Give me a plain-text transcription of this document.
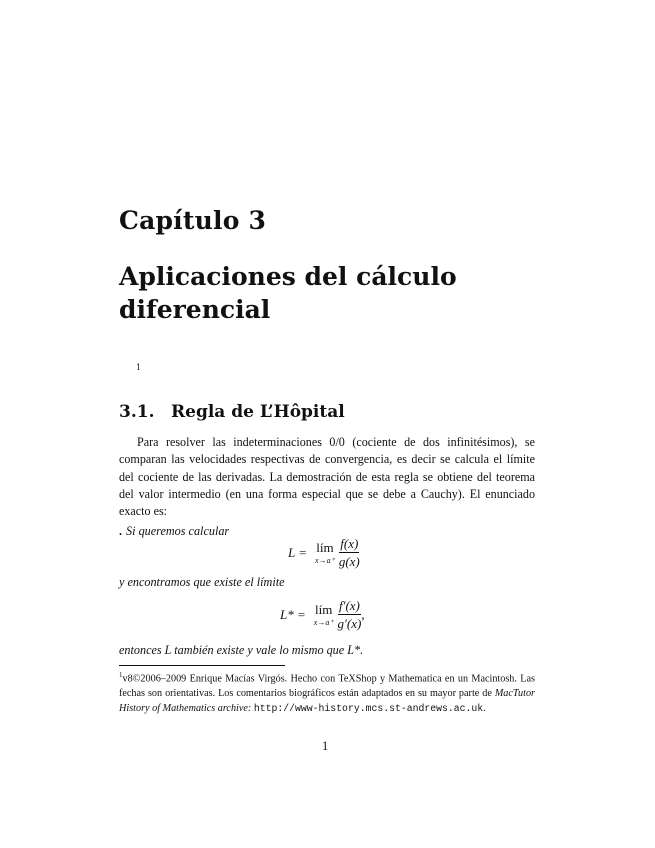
Capítulo 3
Aplicaciones del cálculo diferencial
1
3.1. Regla de L’Hôpital

Para resolver las indeterminaciones 0/0 (cociente de dos infinitésimos), se comparan las velocidades respectivas de convergencia, es decir se calcula el límite del cociente de las derivadas. La demostración de esta regla se obtiene del teorema del valor intermedio (en una forma especial que se debe a Cauchy). El enunciado exacto es:

. Si queremos calcular
L = lím
$x\to a^+ \frac{f(x)}{g(x)}$
y encontramos que existe el límite
L* = lím
$x\to a^+ \frac{f'(x)}{g'(x)}$ ,
entonces L también existe y vale lo mismo que L*.
$^1$v8©2006–2009 Enrique Macías Virgós. Hecho con TeXShop y Mathematica en un Macintosh. Las fechas son orientativas. Los comentarios biográficos están adaptados en su mayor parte de MacTutor History of Mathematics archive: http://www-history.mcs.st-andrews.ac.uk.
1
